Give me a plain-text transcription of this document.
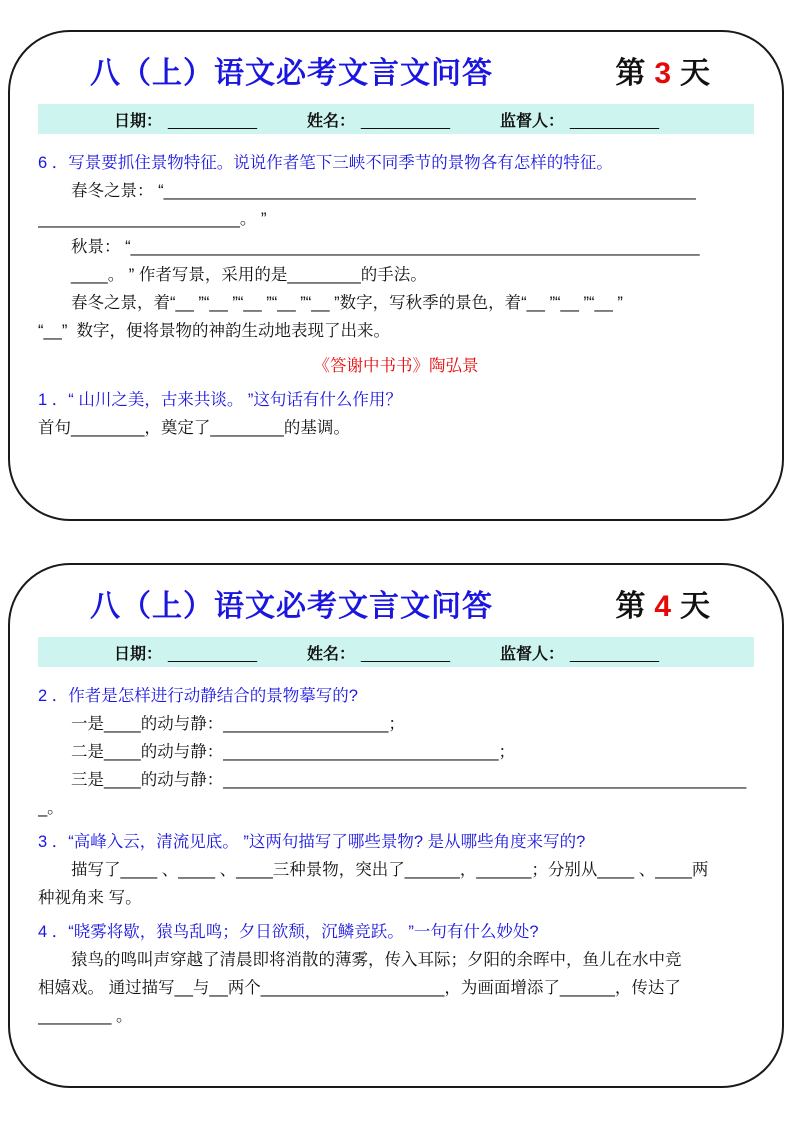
八（上）语文必考文言文问答	第 3 天
日期： __________	姓名： __________	监督人： __________

6 ．写景要抓住景物特征。说说作者笔下三峡不同季节的景物各有怎样的特征。

春冬之景： “__________________________________________________________

______________________。 ”

秋景： “______________________________________________________________

____。 ” 作者写景，采用的是________的手法。

春冬之景，着“__ ”“__ ”“__ ”“__ ”“__ ”数字，写秋季的景色，着“__ ”“__ ”“__ ”

“__”  数字，便将景物的神韵生动地表现了出来。

《答谢中书书》陶弘景

1 ．“ 山川之美，古来共谈。 ”这句话有什么作用？

首句________，奠定了________的基调。

八（上）语文必考文言文问答	第 4 天
日期： __________	姓名： __________	监督人： __________

2 ．作者是怎样进行动静结合的景物摹写的?

一是____的动与静：__________________；

二是____的动与静：______________________________；

三是____的动与静：__________________________________________________________。

3 ．“高峰入云，清流见底。 ”这两句描写了哪些景物? 是从哪些角度来写的?

描写了____ 、____ 、____三种景物，突出了______，______；分别从____ 、____两

种视角来 写。

4 ．“晓雾将歇，猿鸟乱鸣；夕日欲颓，沉鳞竞跃。 ”一句有什么妙处?

猿鸟的鸣叫声穿越了清晨即将消散的薄雾，传入耳际；夕阳的余晖中，鱼儿在水中竞

相嬉戏。 通过描写__与__两个____________________，为画面增添了______，传达了

________ 。
